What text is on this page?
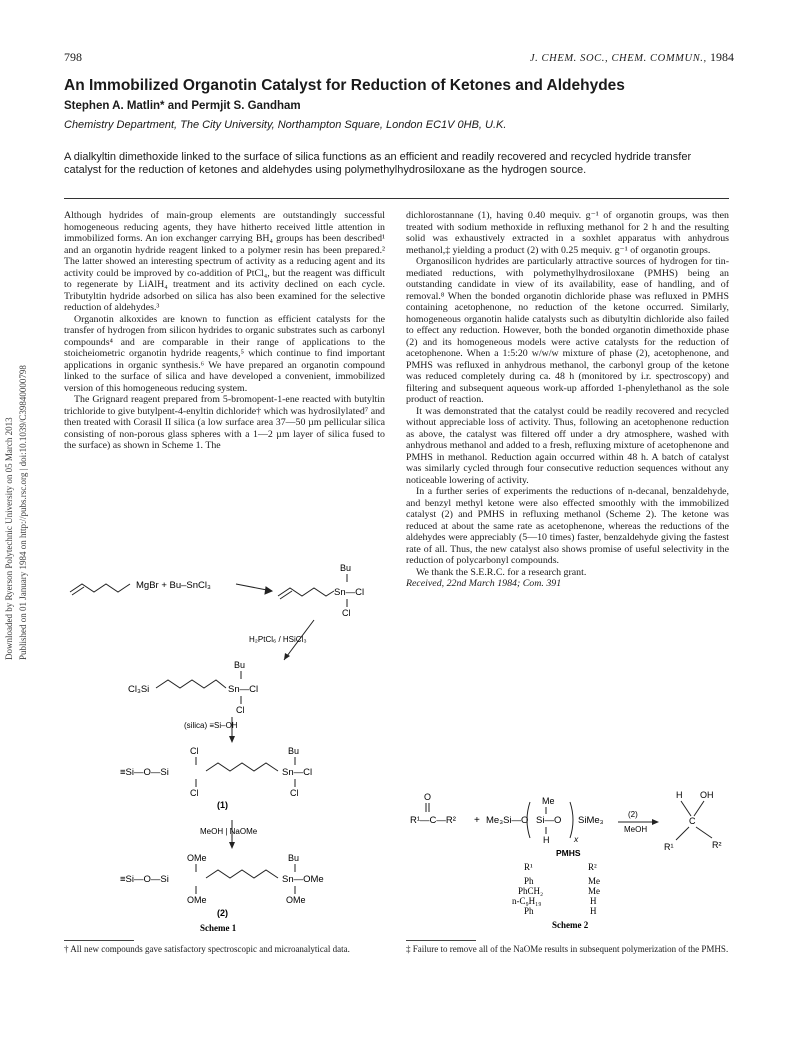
798	J. CHEM. SOC., CHEM. COMMUN., 1984
An Immobilized Organotin Catalyst for Reduction of Ketones and Aldehydes
Stephen A. Matlin* and Permjit S. Gandham
Chemistry Department, The City University, Northampton Square, London EC1V 0HB, U.K.
A dialkyltin dimethoxide linked to the surface of silica functions as an efficient and readily recovered and recycled hydride transfer catalyst for the reduction of ketones and aldehydes using polymethylhydrosiloxane as the hydrogen source.
Downloaded by Ryerson Polytechnic University on 05 March 2013 Published on 01 January 1984 on http://pubs.rsc.org | doi:10.1039/C39840000798

Although hydrides of main-group elements are outstandingly successful homogeneous reducing agents, they have hitherto received little attention in immobilized forms. An ion exchanger carrying BH₄ groups has been described¹ and an organotin hydride reagent linked to a polymer resin has been prepared.² The latter showed an interesting spectrum of activity as a reducing agent and its activity could be improved by co-addition of PtCl₄, but the reagent was difficult to regenerate by LiAlH₄ treatment and its activity declined on each cycle. Tributyltin hydride adsorbed on silica has also been examined for the selective reduction of aldehydes.³

Organotin alkoxides are known to function as efficient catalysts for the transfer of hydrogen from silicon hydrides to organic substrates such as carbonyl compounds⁴ and are comparable in their range of applications to the stoicheiometric organotin hydride reagents,⁵ which continue to find important applications in organic synthesis.⁶ We have prepared an organotin compound linked to the surface of silica and have developed a convenient, immobilized version of this homogeneous reducing system.

The Grignard reagent prepared from 5-bromopent-1-ene reacted with butyltin trichloride to give butylpent-4-enyltin dichloride† which was hydrosilylated⁷ and then treated with Corasil II silica (a low surface area 37—50 µm pellicular silica consisting of non-porous glass spheres with a 1—2 µm layer of silica fused to the surface) as shown in Scheme 1. The

dichlorostannane (1), having 0.40 mequiv. g⁻¹ of organotin groups, was then treated with sodium methoxide in refluxing methanol for 2 h and the resulting solid was exhaustively extracted in a soxhlet apparatus with anhydrous methanol,‡ yielding a product (2) with 0.25 mequiv. g⁻¹ of organotin groups.

Organosilicon hydrides are particularly attractive sources of hydrogen for tin-mediated reductions, with polymethylhydrosiloxane (PMHS) being an outstanding candidate in view of its availability, ease of handling, and of removal.⁸ When the bonded organotin dichloride phase was refluxed in PMHS containing acetophenone, no reduction of the ketone occurred. Similarly, homogeneous organotin halide catalysts such as dibutyltin dichloride also failed to effect any reduction. However, both the bonded organotin dimethoxide phase (2) and its homogeneous models were active catalysts for the reduction of acetophenone. When a 1:5:20 w/w/w mixture of phase (2), acetophenone, and PMHS was refluxed in anhydrous methanol, the carbonyl group of the ketone was reduced completely during ca. 48 h (monitored by i.r. spectroscopy) and filtering and subsequent aqueous work-up afforded 1-phenylethanol as the sole product of reaction.

It was demonstrated that the catalyst could be readily recovered and recycled without appreciable loss of activity. Thus, following an acetophenone reduction as above, the catalyst was filtered off under a dry atmosphere, washed with anhydrous methanol and added to a fresh, refluxing mixture of acetophenone and PMHS in methanol. Reduction again occurred within 48 h. A batch of catalyst was similarly cycled through four consecutive reduction sequences without any noticeable lowering of activity.

In a further series of experiments the reductions of n-decanal, benzaldehyde, and benzyl methyl ketone were also effected smoothly with the immobilized catalyst (2) and PMHS in refluxing methanol (Scheme 2). The ketone was reduced at about the same rate as acetophenone, whereas the reductions of the aldehydes were appreciably (5—10 times) faster, benzaldehyde giving the fastest rate of all. Thus, the new catalyst also shows promise of useful selectivity in the reduction of polycarbonyl compounds.

We thank the S.E.R.C. for a research grant.

Received, 22nd March 1984; Com. 391

MgBr + Bu–SnCl₃
Bu
Sn—Cl
Cl
H₂PtCl₆ / HSiCl₃
Bu
Cl₃Si	Sn—Cl
Cl
(silica) ≡Si–OH
Cl	Bu
≡Si—O—Si	Sn—Cl
Cl	Cl
(1)
MeOH | NaOMe
OMe	Bu
≡Si—O—Si	Sn—OMe
OMe	OMe
(2)
Scheme 1
O
R¹—C—R² + Me₃Si—O
Me
Si—O
H	x
SiMe₃
(2)
MeOH
H OH
C
R¹	R²
PMHS
R¹	R²
Ph	Me
PhCH₂	Me
n-C₉H₁₉	H
Ph	H
Scheme 2
† All new compounds gave satisfactory spectroscopic and microanalytical data.	‡ Failure to remove all of the NaOMe results in subsequent polymerization of the PMHS.
